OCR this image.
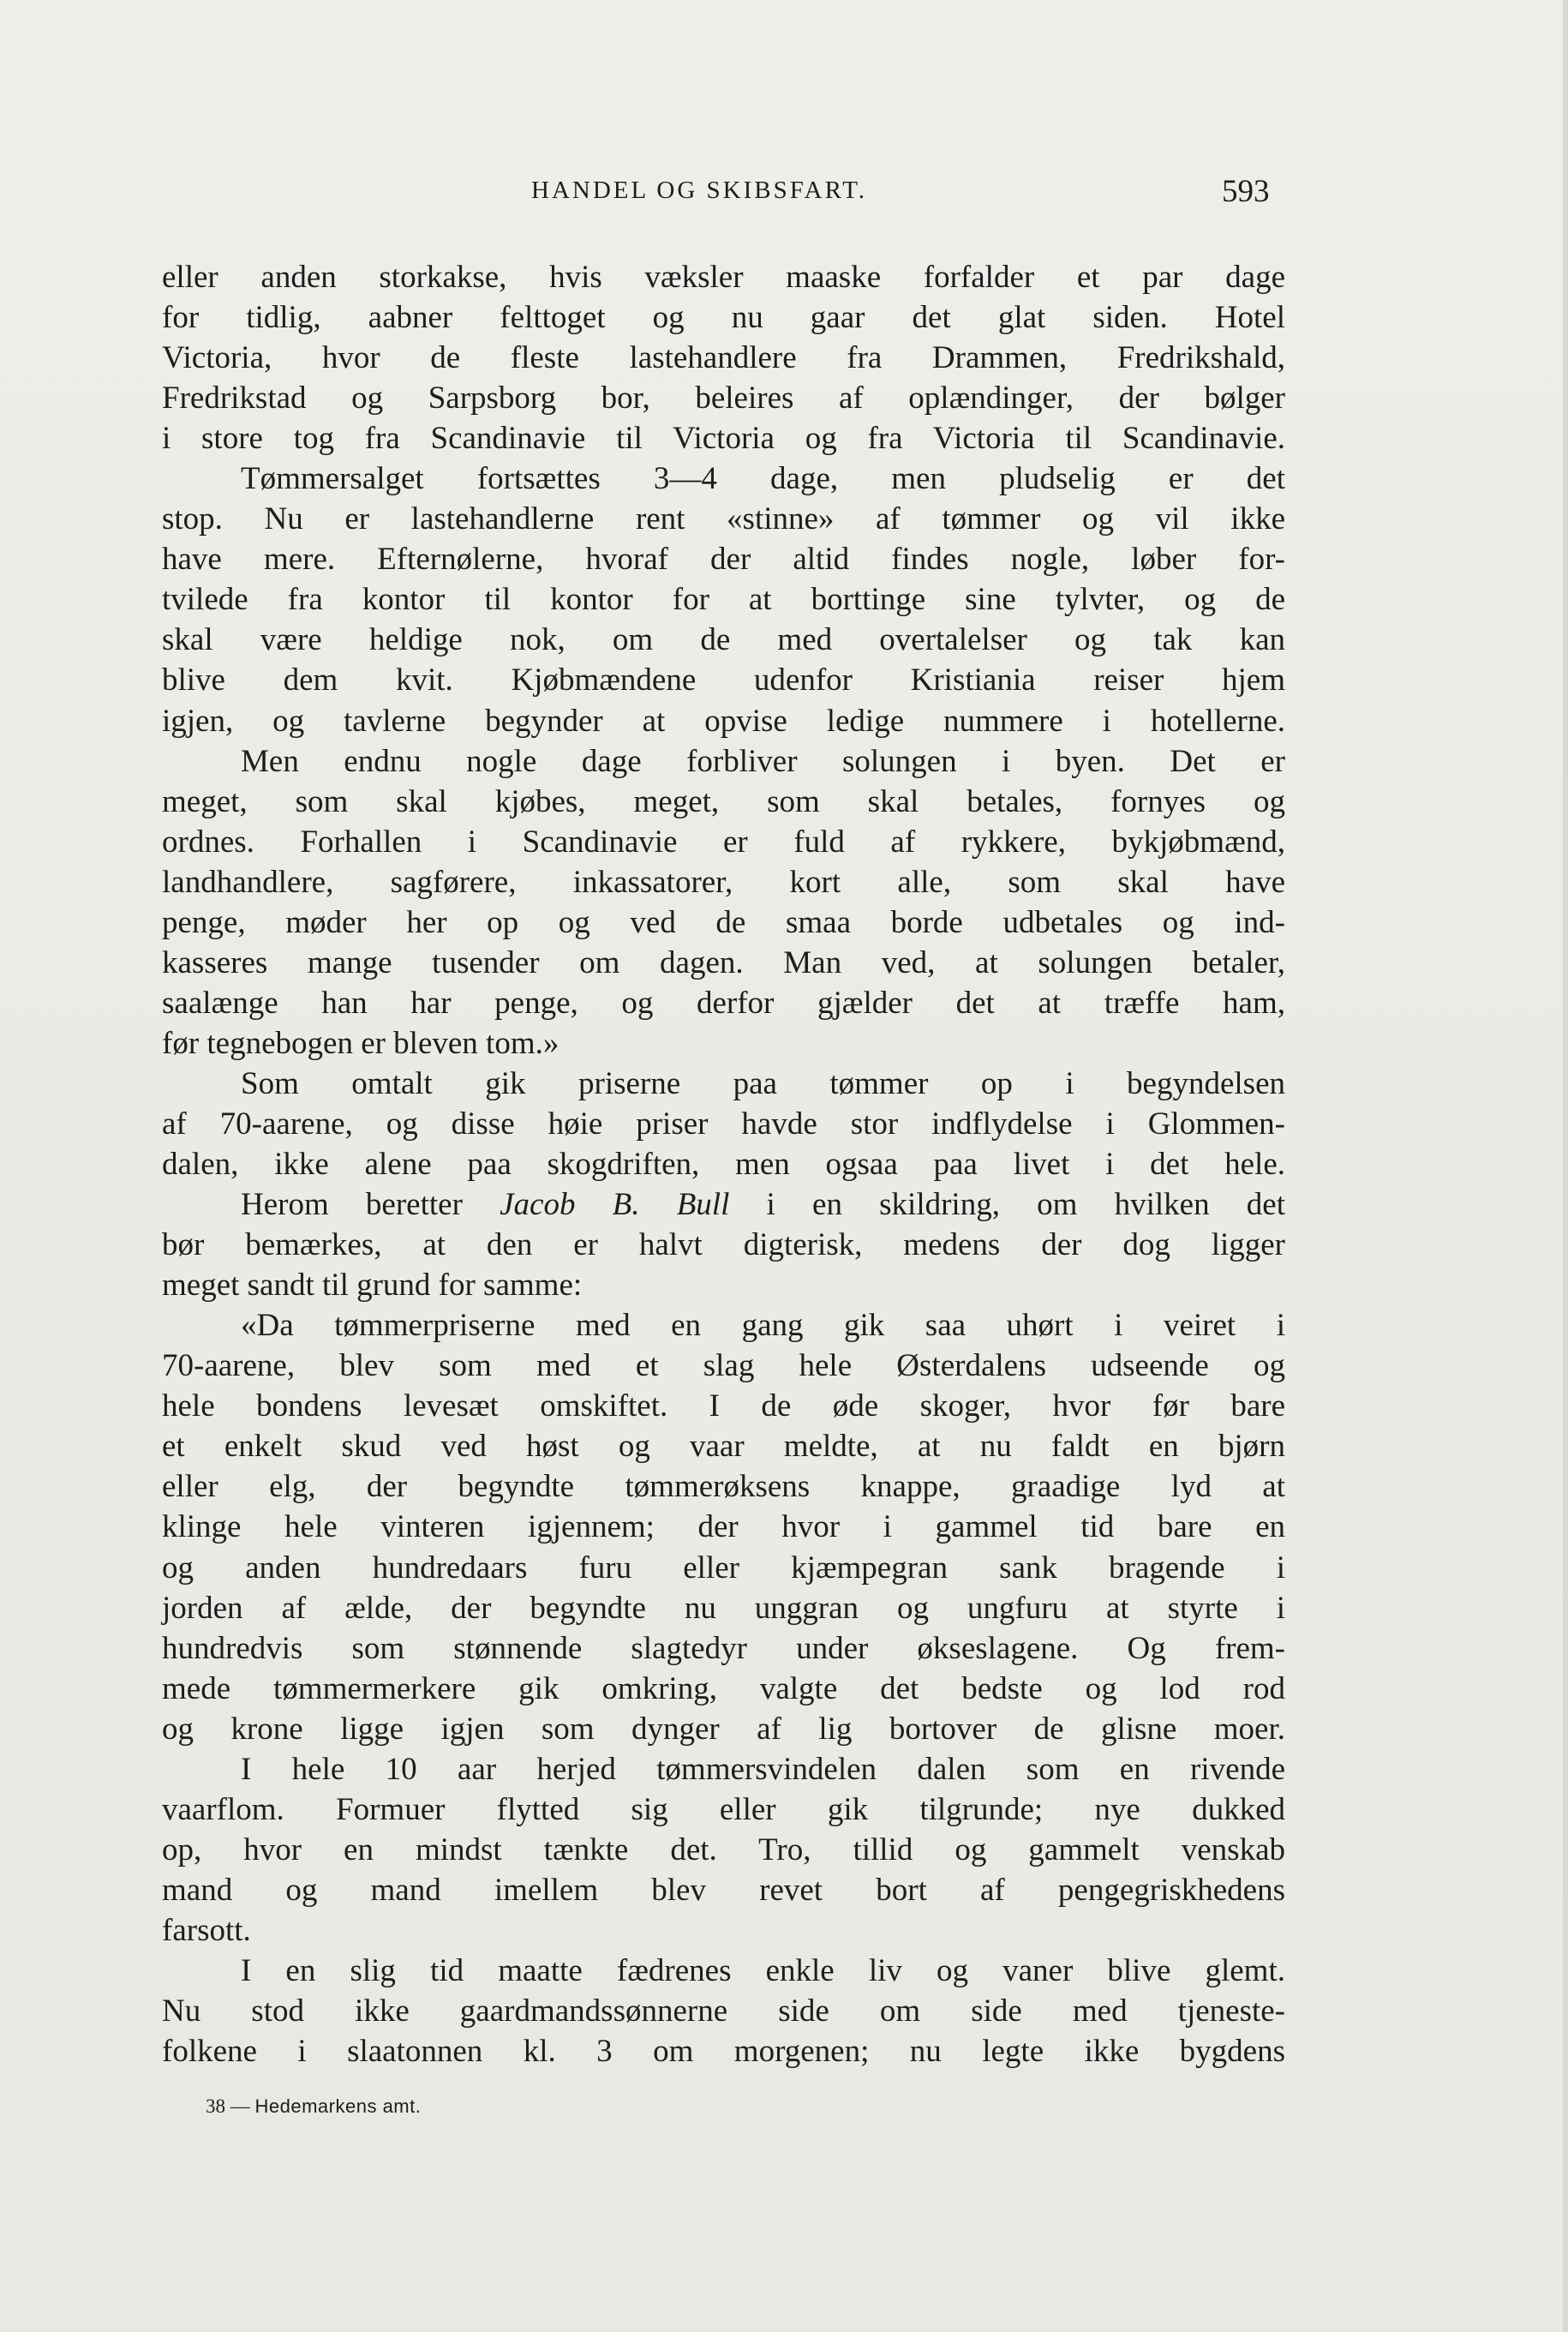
HANDEL OG SKIBSFART.	593
eller anden storkakse, hvis væksler maaske forfalder et par dage
for tidlig, aabner felttoget og nu gaar det glat siden. Hotel
Victoria, hvor de fleste lastehandlere fra Drammen, Fredrikshald,
Fredrikstad og Sarpsborg bor, beleires af oplændinger, der bølger
i store tog fra Scandinavie til Victoria og fra Victoria til Scandinavie.
Tømmersalget fortsættes 3—4 dage, men pludselig er det
stop. Nu er lastehandlerne rent «stinne» af tømmer og vil ikke
have mere. Efternølerne, hvoraf der altid findes nogle, løber for-
tvilede fra kontor til kontor for at borttinge sine tylvter, og de
skal være heldige nok, om de med overtalelser og tak kan
blive dem kvit. Kjøbmændene udenfor Kristiania reiser hjem
igjen, og tavlerne begynder at opvise ledige nummere i hotellerne.
Men endnu nogle dage forbliver solungen i byen. Det er
meget, som skal kjøbes, meget, som skal betales, fornyes og
ordnes. Forhallen i Scandinavie er fuld af rykkere, bykjøbmænd,
landhandlere, sagførere, inkassatorer, kort alle, som skal have
penge, møder her op og ved de smaa borde udbetales og ind-
kasseres mange tusender om dagen. Man ved, at solungen betaler,
saalænge han har penge, og derfor gjælder det at træffe ham,
før tegnebogen er bleven tom.»
Som omtalt gik priserne paa tømmer op i begyndelsen
af 70-aarene, og disse høie priser havde stor indflydelse i Glommen-
dalen, ikke alene paa skogdriften, men ogsaa paa livet i det hele.
Herom beretter Jacob B. Bull i en skildring, om hvilken det
bør bemærkes, at den er halvt digterisk, medens der dog ligger
meget sandt til grund for samme:
«Da tømmerpriserne med en gang gik saa uhørt i veiret i
70-aarene, blev som med et slag hele Østerdalens udseende og
hele bondens levesæt omskiftet. I de øde skoger, hvor før bare
et enkelt skud ved høst og vaar meldte, at nu faldt en bjørn
eller elg, der begyndte tømmerøksens knappe, graadige lyd at
klinge hele vinteren igjennem; der hvor i gammel tid bare en
og anden hundredaars furu eller kjæmpegran sank bragende i
jorden af ælde, der begyndte nu unggran og ungfuru at styrte i
hundredvis som stønnende slagtedyr under økseslagene. Og frem-
mede tømmermerkere gik omkring, valgte det bedste og lod rod
og krone ligge igjen som dynger af lig bortover de glisne moer.
I hele 10 aar herjed tømmersvindelen dalen som en rivende
vaarflom. Formuer flytted sig eller gik tilgrunde; nye dukked
op, hvor en mindst tænkte det. Tro, tillid og gammelt venskab
mand og mand imellem blev revet bort af pengegriskhedens
farsott.
I en slig tid maatte fædrenes enkle liv og vaner blive glemt.
Nu stod ikke gaardmandssønnerne side om side med tjeneste-
folkene i slaatonnen kl. 3 om morgenen; nu legte ikke bygdens
38 — Hedemarkens amt.
